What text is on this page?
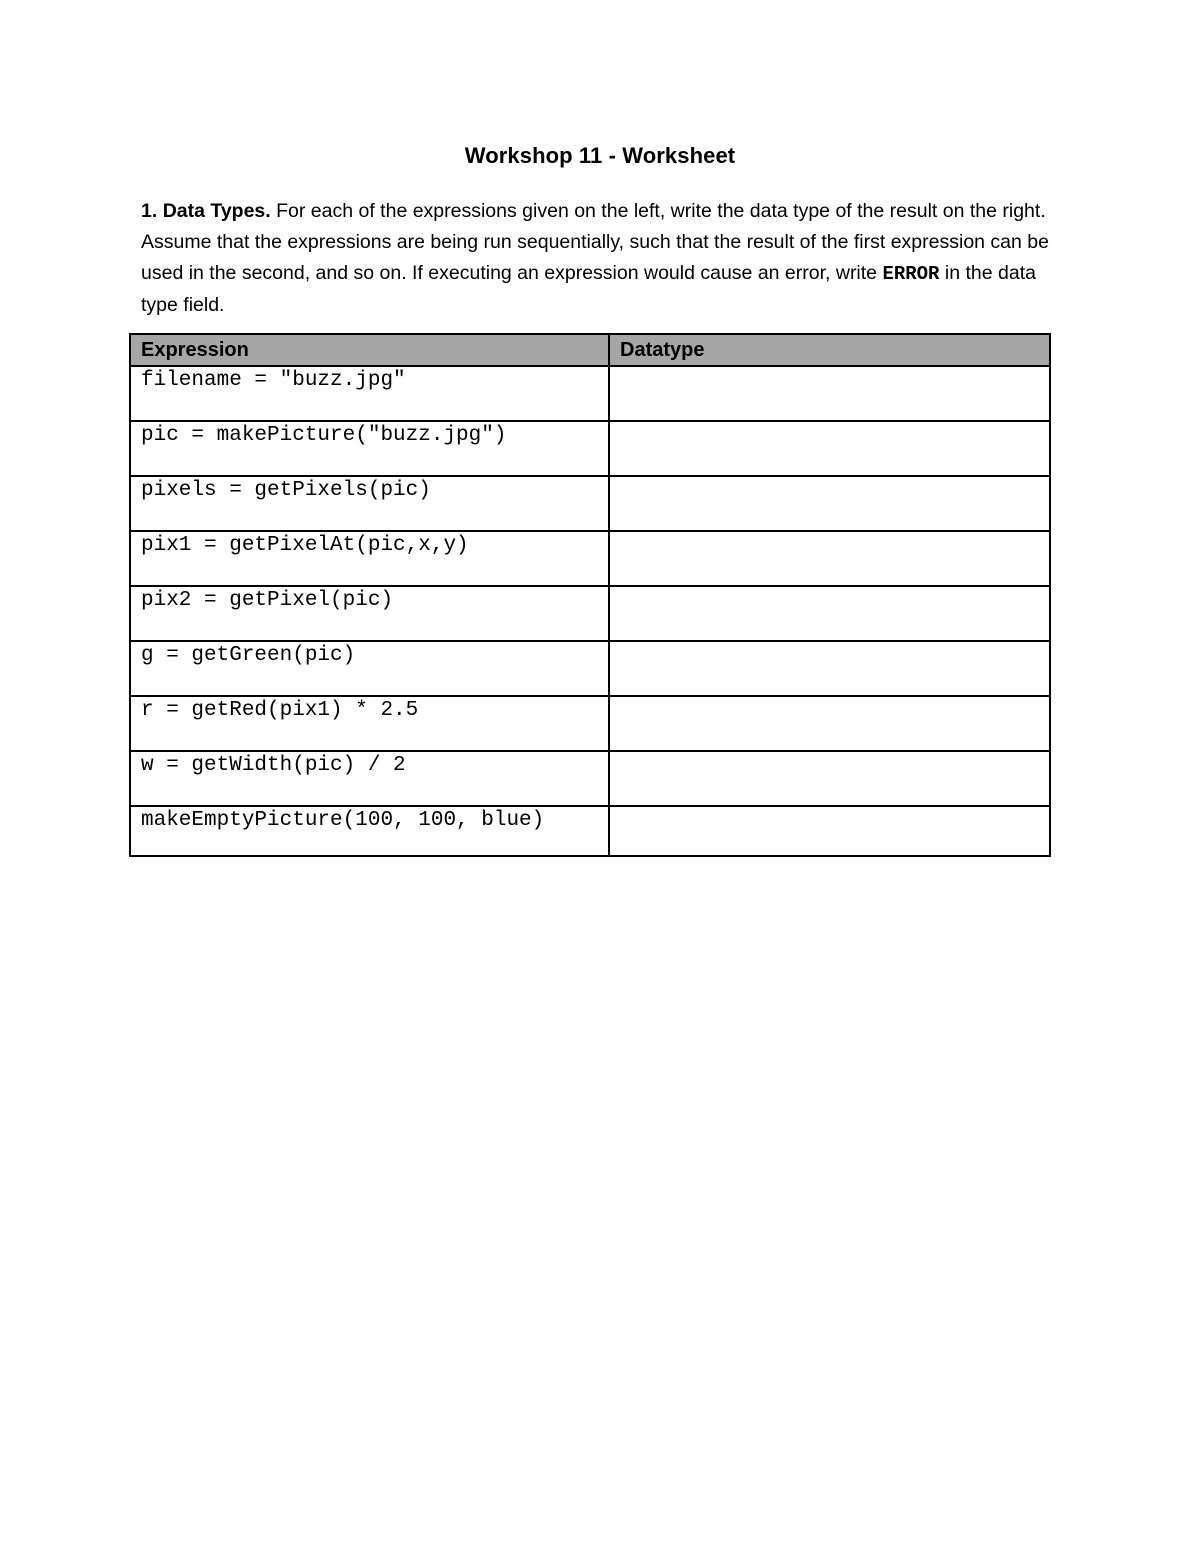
Workshop 11 - Worksheet
1. Data Types. For each of the expressions given on the left, write the data type of the result on the right. Assume that the expressions are being run sequentially, such that the result of the first expression can be used in the second, and so on. If executing an expression would cause an error, write ERROR in the data type field.
Expression	Datatype
filename = "buzz.jpg"	
pic = makePicture("buzz.jpg")	
pixels = getPixels(pic)	
pix1 = getPixelAt(pic,x,y)	
pix2 = getPixel(pic)	
g = getGreen(pic)	
r = getRed(pix1) * 2.5	
w = getWidth(pic) / 2	
makeEmptyPicture(100, 100, blue)	
